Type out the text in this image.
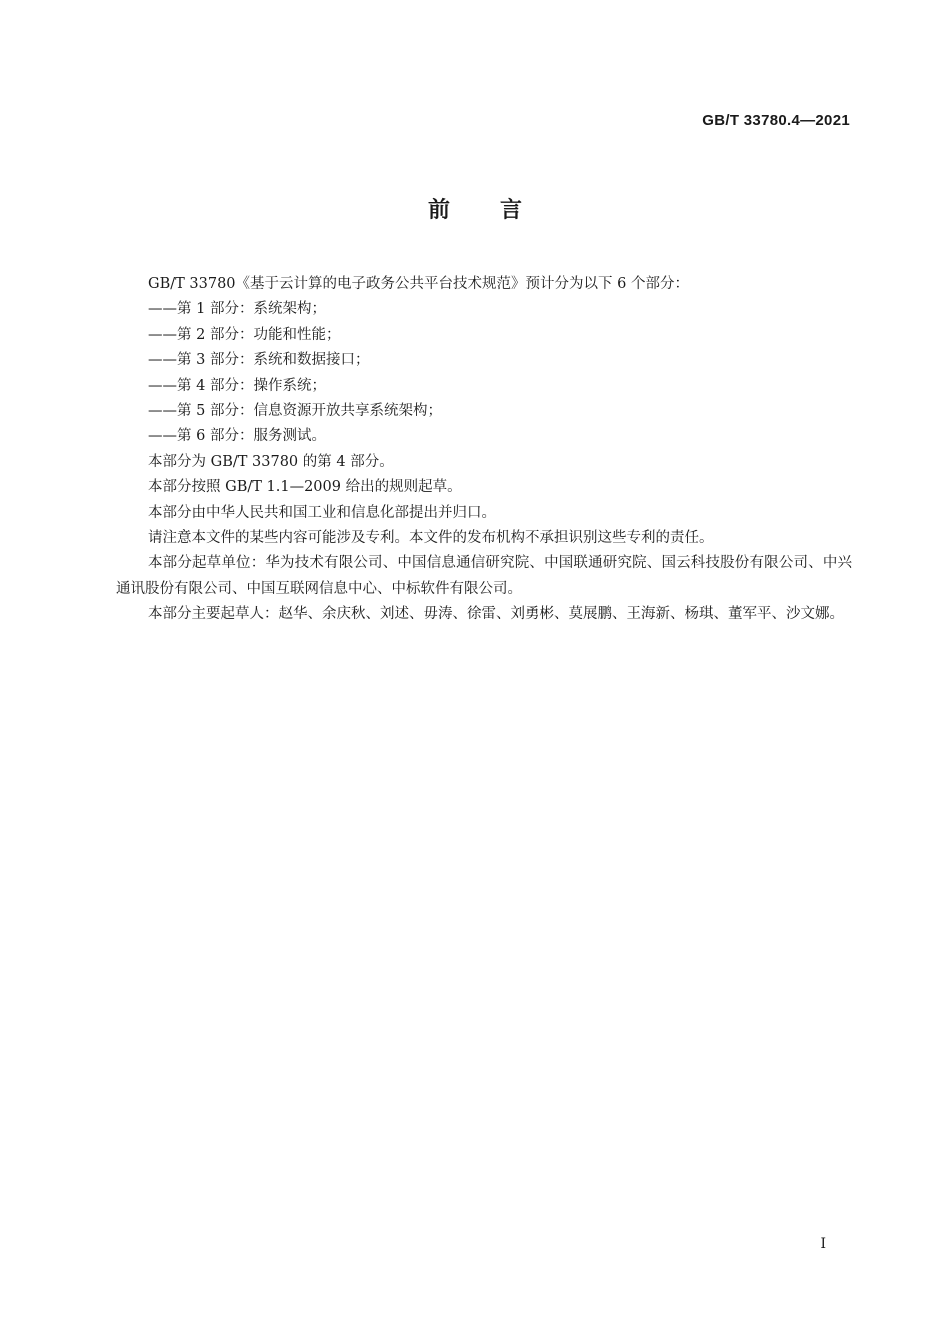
GB/T 33780.4—2021
前言

GB/T 33780《基于云计算的电子政务公共平台技术规范》预计分为以下 6 个部分：

——第 1 部分：系统架构；

——第 2 部分：功能和性能；

——第 3 部分：系统和数据接口；

——第 4 部分：操作系统；

——第 5 部分：信息资源开放共享系统架构；

——第 6 部分：服务测试。

本部分为 GB/T 33780 的第 4 部分。

本部分按照 GB/T 1.1—2009 给出的规则起草。

本部分由中华人民共和国工业和信息化部提出并归口。

请注意本文件的某些内容可能涉及专利。本文件的发布机构不承担识别这些专利的责任。

本部分起草单位：华为技术有限公司、中国信息通信研究院、中国联通研究院、国云科技股份有限公司、中兴通讯股份有限公司、中国互联网信息中心、中标软件有限公司。

本部分主要起草人：赵华、余庆秋、刘述、毋涛、徐雷、刘勇彬、莫展鹏、王海新、杨琪、董军平、沙文娜。

I
